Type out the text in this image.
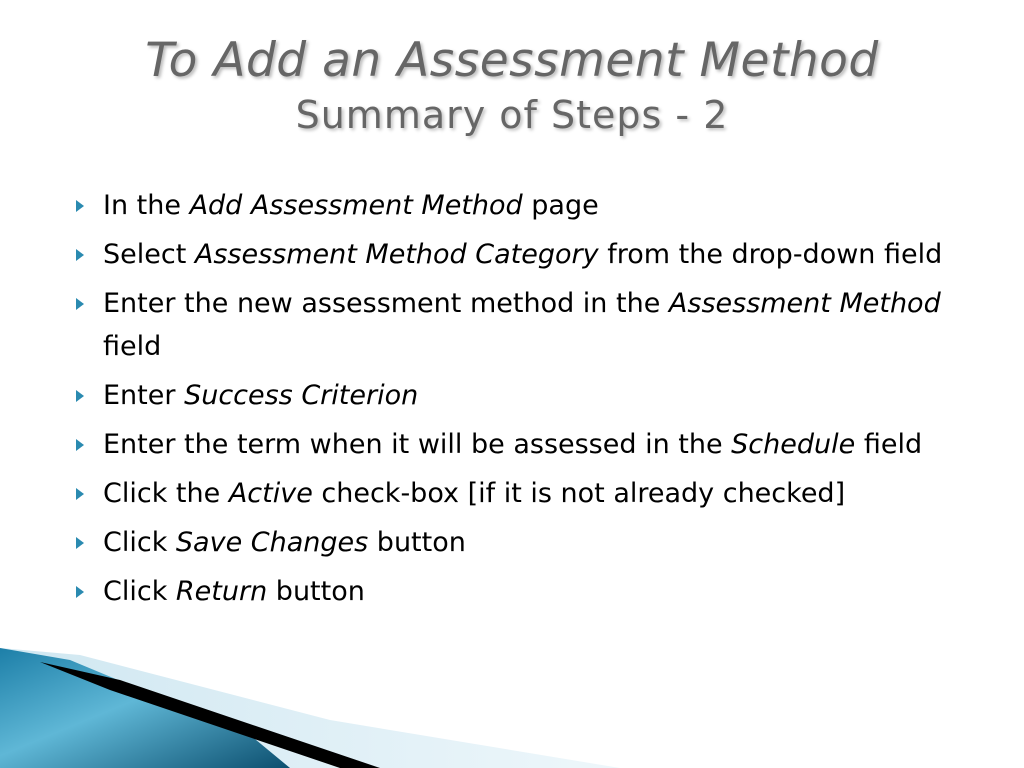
To Add an Assessment Method
Summary of Steps - 2
In the Add Assessment Method page
Select Assessment Method Category from the drop-down field
Enter the new assessment method in the Assessment Method field
Enter Success Criterion
Enter the term when it will be assessed in the Schedule field
Click the Active check-box [if it is not already checked]
Click Save Changes button
Click Return button
